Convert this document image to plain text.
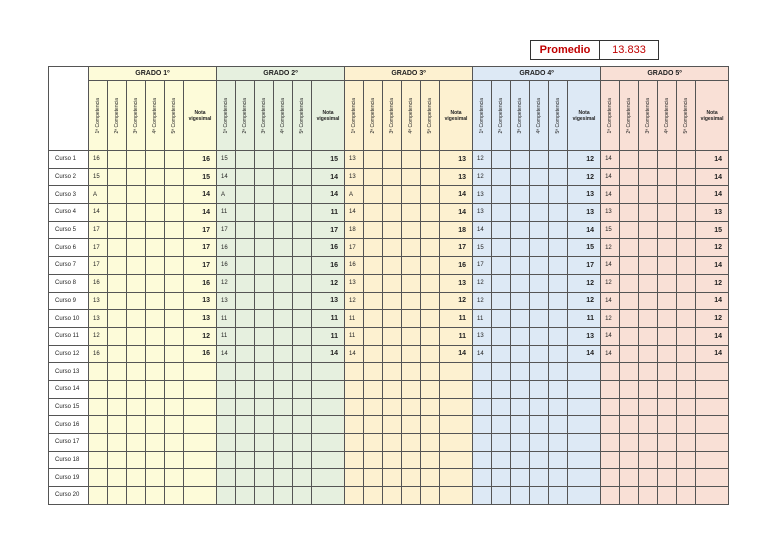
Promedio	13.833
	GRADO 1º						GRADO 2º						GRADO 3º						GRADO 4º						GRADO 5º					

	1ª Competencia	2ª Competencia	3ª Competencia	4ª Competencia	5ª Competencia	Nota vigesimal	1ª Competencia	2ª Competencia	3ª Competencia	4ª Competencia	5ª Competencia	Nota vigesimal	1ª Competencia	2ª Competencia	3ª Competencia	4ª Competencia	5ª Competencia	Nota vigesimal	1ª Competencia	2ª Competencia	3ª Competencia	4ª Competencia	5ª Competencia	Nota vigesimal	1ª Competencia	2ª Competencia	3ª Competencia	4ª Competencia	5ª Competencia	Nota vigesimal
Curso 1	16					16	15					15	13					13	12					12	14					14
Curso 2	15					15	14					14	13					13	12					12	14					14
Curso 3	A					14	A					14	A					14	13					13	14					14
Curso 4	14					14	11					11	14					14	13					13	13					13
Curso 5	17					17	17					17	18					18	14					14	15					15
Curso 6	17					17	16					16	17					17	15					15	12					12
Curso 7	17					17	16					16	16					16	17					17	14					14
Curso 8	16					16	12					12	13					13	12					12	12					12
Curso 9	13					13	13					13	12					12	12					12	14					14
Curso 10	13					13	11					11	11					11	11					11	12					12
Curso 11	12					12	11					11	11					11	13					13	14					14
Curso 12	16					16	14					14	14					14	14					14	14					14
Curso 13																														
Curso 14																														
Curso 15																														
Curso 16																														
Curso 17																														
Curso 18																														
Curso 19																														
Curso 20																														
